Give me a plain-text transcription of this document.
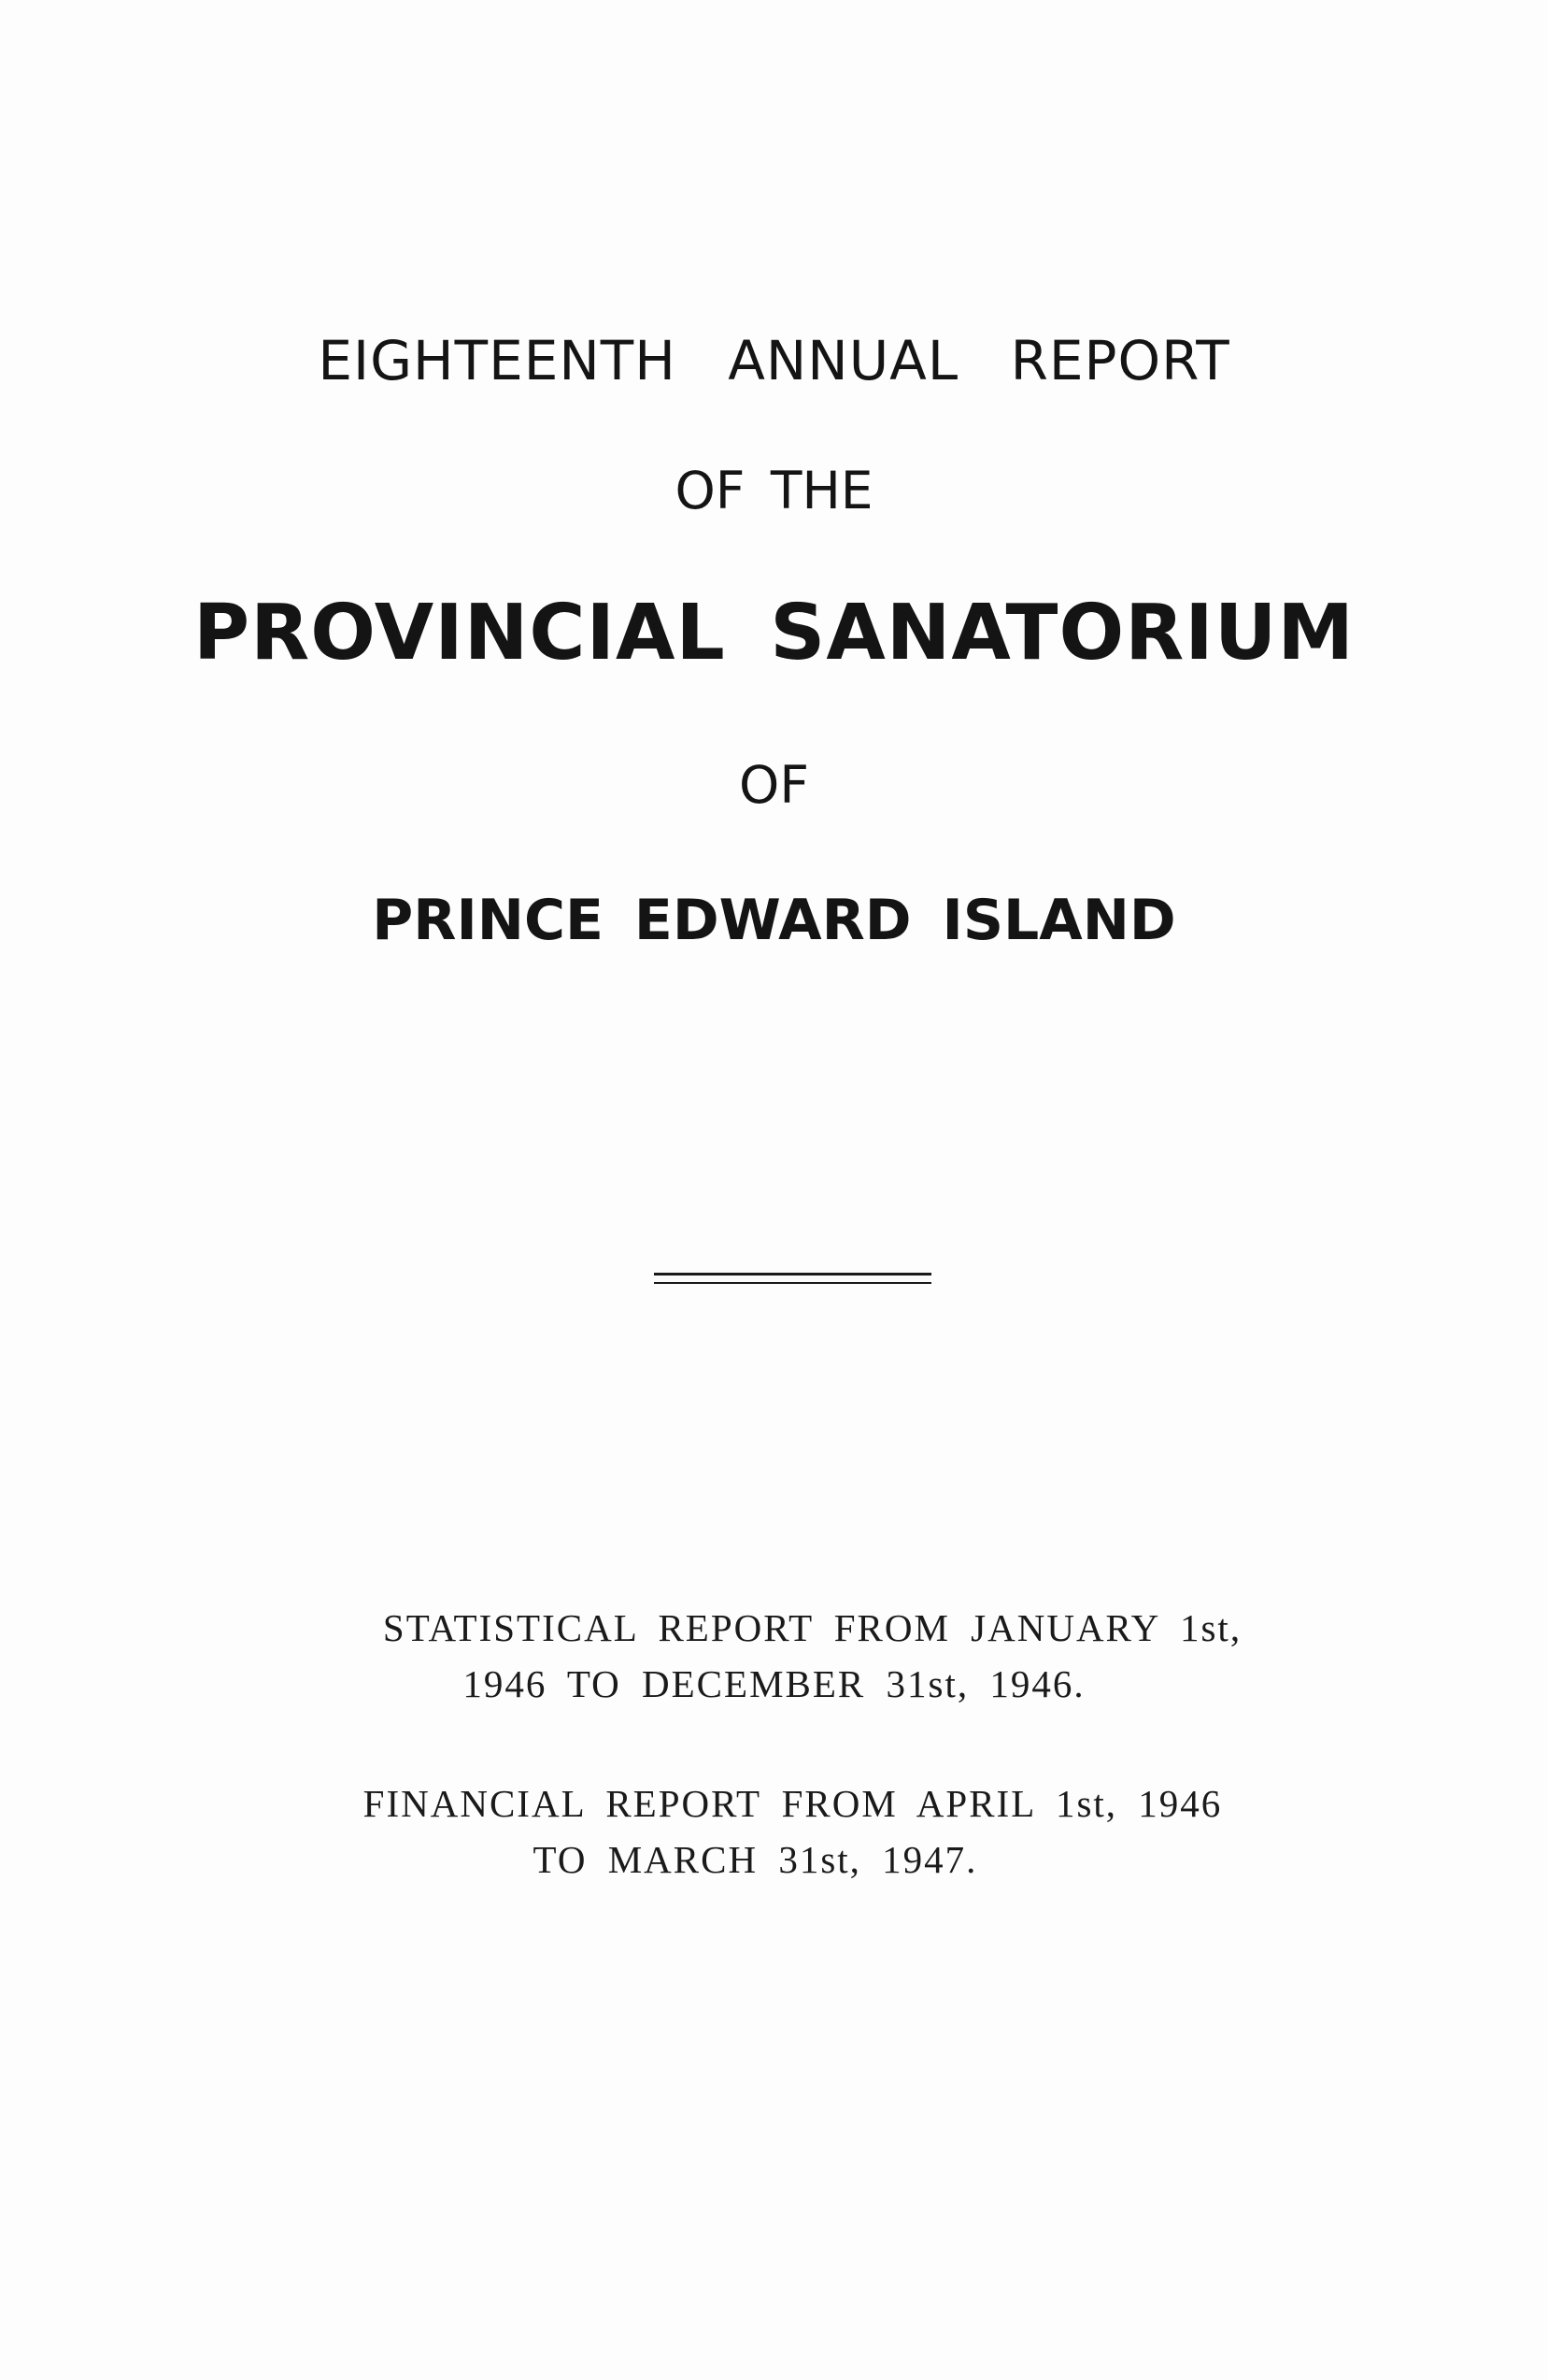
EIGHTEENTH ANNUAL REPORT
OF THE
PROVINCIAL SANATORIUM
OF
PRINCE EDWARD ISLAND
STATISTICAL REPORT FROM JANUARY 1st,
1946 TO DECEMBER 31st, 1946.
FINANCIAL REPORT FROM APRIL 1st, 1946
TO MARCH 31st, 1947.
